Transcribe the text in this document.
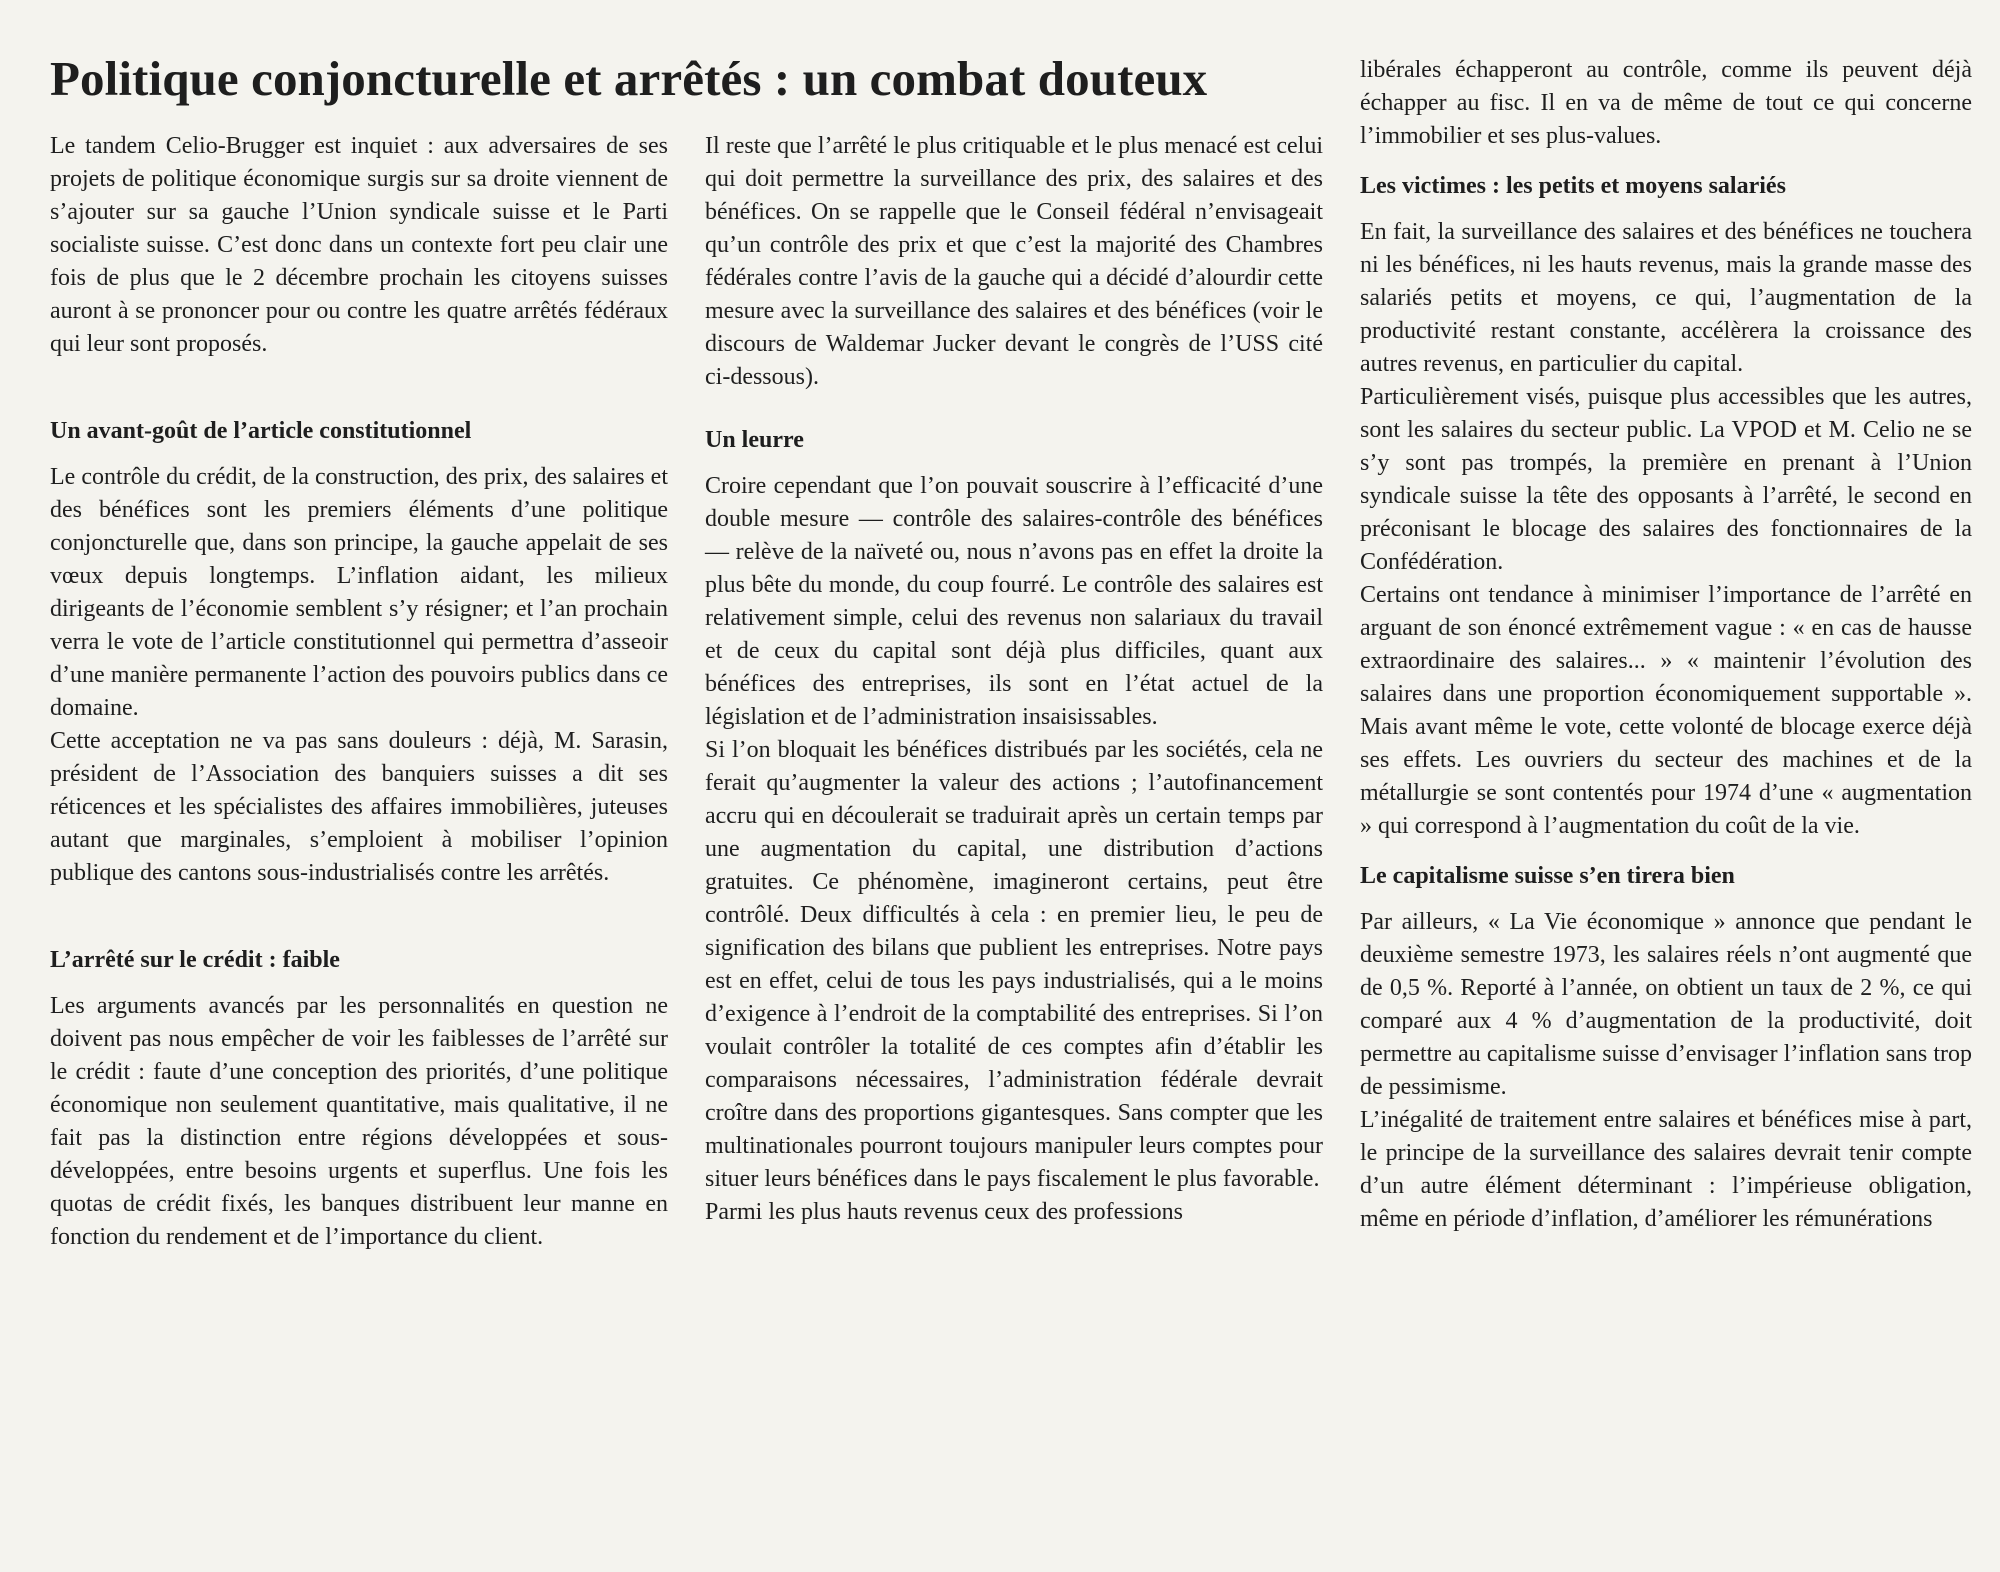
Politique conjoncturelle et arrêtés : un combat douteux

Le tandem Celio-Brugger est inquiet : aux adversaires de ses projets de politique économique surgis sur sa droite viennent de s’ajouter sur sa gauche l’Union syndicale suisse et le Parti socialiste suisse. C’est donc dans un contexte fort peu clair une fois de plus que le 2 décembre prochain les citoyens suisses auront à se prononcer pour ou contre les quatre arrêtés fédéraux qui leur sont proposés.

Un avant-goût de l’article constitutionnel

Le contrôle du crédit, de la construction, des prix, des salaires et des bénéfices sont les premiers éléments d’une politique conjoncturelle que, dans son principe, la gauche appelait de ses vœux depuis longtemps. L’inflation aidant, les milieux dirigeants de l’économie semblent s’y résigner; et l’an prochain verra le vote de l’article constitutionnel qui permettra d’asseoir d’une manière permanente l’action des pouvoirs publics dans ce domaine.

Cette acceptation ne va pas sans douleurs : déjà, M. Sarasin, président de l’Association des banquiers suisses a dit ses réticences et les spécialistes des affaires immobilières, juteuses autant que marginales, s’emploient à mobiliser l’opinion publique des cantons sous-industrialisés contre les arrêtés.

L’arrêté sur le crédit : faible

Les arguments avancés par les personnalités en question ne doivent pas nous empêcher de voir les faiblesses de l’arrêté sur le crédit : faute d’une conception des priorités, d’une politique économique non seulement quantitative, mais qualitative, il ne fait pas la distinction entre régions développées et sous-développées, entre besoins urgents et superflus. Une fois les quotas de crédit fixés, les banques distribuent leur manne en fonction du rendement et de l’importance du client.

Il reste que l’arrêté le plus critiquable et le plus menacé est celui qui doit permettre la surveillance des prix, des salaires et des bénéfices. On se rappelle que le Conseil fédéral n’envisageait qu’un contrôle des prix et que c’est la majorité des Chambres fédérales contre l’avis de la gauche qui a décidé d’alourdir cette mesure avec la surveillance des salaires et des bénéfices (voir le discours de Waldemar Jucker devant le congrès de l’USS cité ci-dessous).

Un leurre

Croire cependant que l’on pouvait souscrire à l’efficacité d’une double mesure — contrôle des salaires-contrôle des bénéfices — relève de la naïveté ou, nous n’avons pas en effet la droite la plus bête du monde, du coup fourré. Le contrôle des salaires est relativement simple, celui des revenus non salariaux du travail et de ceux du capital sont déjà plus difficiles, quant aux bénéfices des entreprises, ils sont en l’état actuel de la législation et de l’administration insaisissables.

Si l’on bloquait les bénéfices distribués par les sociétés, cela ne ferait qu’augmenter la valeur des actions ; l’autofinancement accru qui en découlerait se traduirait après un certain temps par une augmentation du capital, une distribution d’actions gratuites. Ce phénomène, imagineront certains, peut être contrôlé. Deux difficultés à cela : en premier lieu, le peu de signification des bilans que publient les entreprises. Notre pays est en effet, celui de tous les pays industrialisés, qui a le moins d’exigence à l’endroit de la comptabilité des entreprises. Si l’on voulait contrôler la totalité de ces comptes afin d’établir les comparaisons nécessaires, l’administration fédérale devrait croître dans des proportions gigantesques. Sans compter que les multinationales pourront toujours manipuler leurs comptes pour situer leurs bénéfices dans le pays fiscalement le plus favorable.

Parmi les plus hauts revenus ceux des professions

libérales échapperont au contrôle, comme ils peuvent déjà échapper au fisc. Il en va de même de tout ce qui concerne l’immobilier et ses plus-values.

Les victimes : les petits et moyens salariés

En fait, la surveillance des salaires et des bénéfices ne touchera ni les bénéfices, ni les hauts revenus, mais la grande masse des salariés petits et moyens, ce qui, l’augmentation de la productivité restant constante, accélèrera la croissance des autres revenus, en particulier du capital.

Particulièrement visés, puisque plus accessibles que les autres, sont les salaires du secteur public. La VPOD et M. Celio ne se s’y sont pas trompés, la première en prenant à l’Union syndicale suisse la tête des opposants à l’arrêté, le second en préconisant le blocage des salaires des fonctionnaires de la Confédération.

Certains ont tendance à minimiser l’importance de l’arrêté en arguant de son énoncé extrêmement vague : « en cas de hausse extraordinaire des salaires... » « maintenir l’évolution des salaires dans une proportion économiquement supportable ». Mais avant même le vote, cette volonté de blocage exerce déjà ses effets. Les ouvriers du secteur des machines et de la métallurgie se sont contentés pour 1974 d’une « augmentation » qui correspond à l’augmentation du coût de la vie.

Le capitalisme suisse s’en tirera bien

Par ailleurs, « La Vie économique » annonce que pendant le deuxième semestre 1973, les salaires réels n’ont augmenté que de 0,5 %. Reporté à l’année, on obtient un taux de 2 %, ce qui comparé aux 4 % d’augmentation de la productivité, doit permettre au capitalisme suisse d’envisager l’inflation sans trop de pessimisme.

L’inégalité de traitement entre salaires et bénéfices mise à part, le principe de la surveillance des salaires devrait tenir compte d’un autre élément déterminant : l’impérieuse obligation, même en période d’inflation, d’améliorer les rémunérations
